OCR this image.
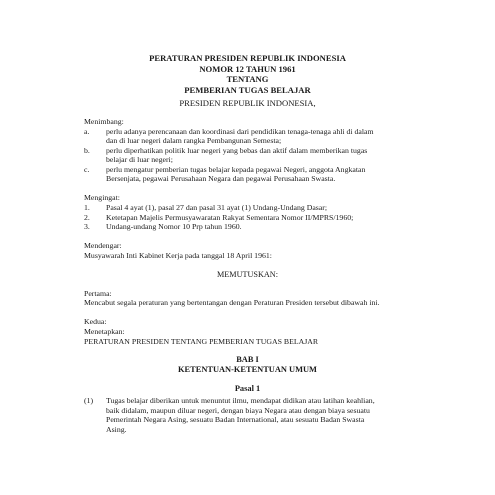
PERATURAN PRESIDEN REPUBLIK INDONESIA
NOMOR 12 TAHUN 1961
TENTANG
PEMBERIAN TUGAS BELAJAR
PRESIDEN REPUBLIK INDONESIA,
Menimbang:
a. perlu adanya perencanaan dan koordinasi dari pendidikan tenaga-tenaga ahli di dalam
dan di luar negeri dalam rangka Pembangunan Semesta;
b. perlu diperhatikan politik luar negeri yang bebas dan aktif dalam memberikan tugas
belajar di luar negeri;
c. perlu mengatur pemberian tugas belajar kepada pegawai Negeri, anggota Angkatan
Bersenjata, pegawai Perusahaan Negara dan pegawai Perusahaan Swasta.
Mengingat:
1. Pasal 4 ayat (1), pasal 27 dan pasal 31 ayat (1) Undang-Undang Dasar;
2. Ketetapan Majelis Permusyawaratan Rakyat Sementara Nomor II/MPRS/1960;
3. Undang-undang Nomor 10 Prp tahun 1960.
Mendengar:
Musyawarah Inti Kabinet Kerja pada tanggal 18 April 1961:
MEMUTUSKAN:
Pertama:
Mencabut segala peraturan yang bertentangan dengan Peraturan Presiden tersebut dibawah ini.
Kedua:
Menetapkan:
PERATURAN PRESIDEN TENTANG PEMBERIAN TUGAS BELAJAR
BAB I
KETENTUAN-KETENTUAN UMUM
Pasal 1
(1) Tugas belajar diberikan untuk menuntut ilmu, mendapat didikan atau latihan keahlian,
baik didalam, maupun diluar negeri, dengan biaya Negara atau dengan biaya sesuatu
Pemerintah Negara Asing, sesuatu Badan International, atau sesuatu Badan Swasta
Asing.
